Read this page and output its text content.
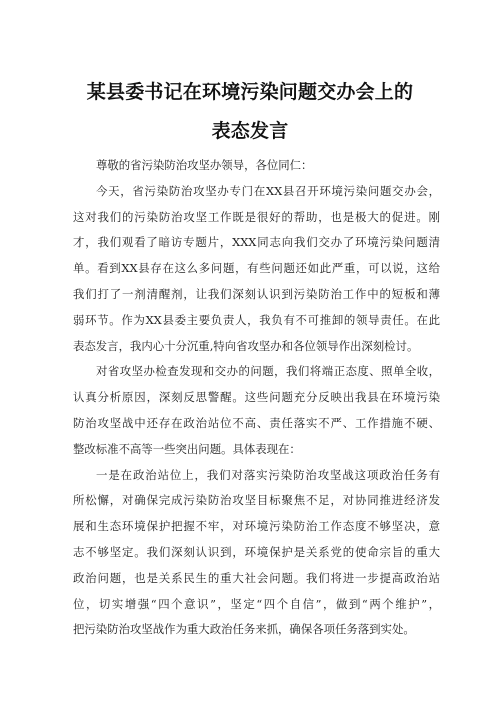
某县委书记在环境污染问题交办会上的
表态发言
尊敬的省污染防治攻坚办领导，各位同仁：
今天，省污染防治攻坚办专门在XX县召开环境污染问题交办会，
这对我们的污染防治攻坚工作既是很好的帮助，也是极大的促进。刚
才，我们观看了暗访专题片，XXX同志向我们交办了环境污染问题清
单。看到XX县存在这么多问题，有些问题还如此严重，可以说，这给
我们打了一剂清醒剂，让我们深刻认识到污染防治工作中的短板和薄
弱环节。作为XX县委主要负责人，我负有不可推卸的领导责任。在此
表态发言，我内心十分沉重,特向省攻坚办和各位领导作出深刻检讨。
对省攻坚办检查发现和交办的问题，我们将端正态度、照单全收，
认真分析原因，深刻反思警醒。这些问题充分反映出我县在环境污染
防治攻坚战中还存在政治站位不高、责任落实不严、工作措施不硬、
整改标准不高等一些突出问题。具体表现在：
一是在政治站位上，我们对落实污染防治攻坚战这项政治任务有
所松懈，对确保完成污染防治攻坚目标聚焦不足，对协同推进经济发
展和生态环境保护把握不牢，对环境污染防治工作态度不够坚决，意
志不够坚定。我们深刻认识到，环境保护是关系党的使命宗旨的重大
政治问题，也是关系民生的重大社会问题。我们将进一步提高政治站
位，切实增强“四个意识”，坚定“四个自信”，做到“两个维护”，
把污染防治攻坚战作为重大政治任务来抓，确保各项任务落到实处。
